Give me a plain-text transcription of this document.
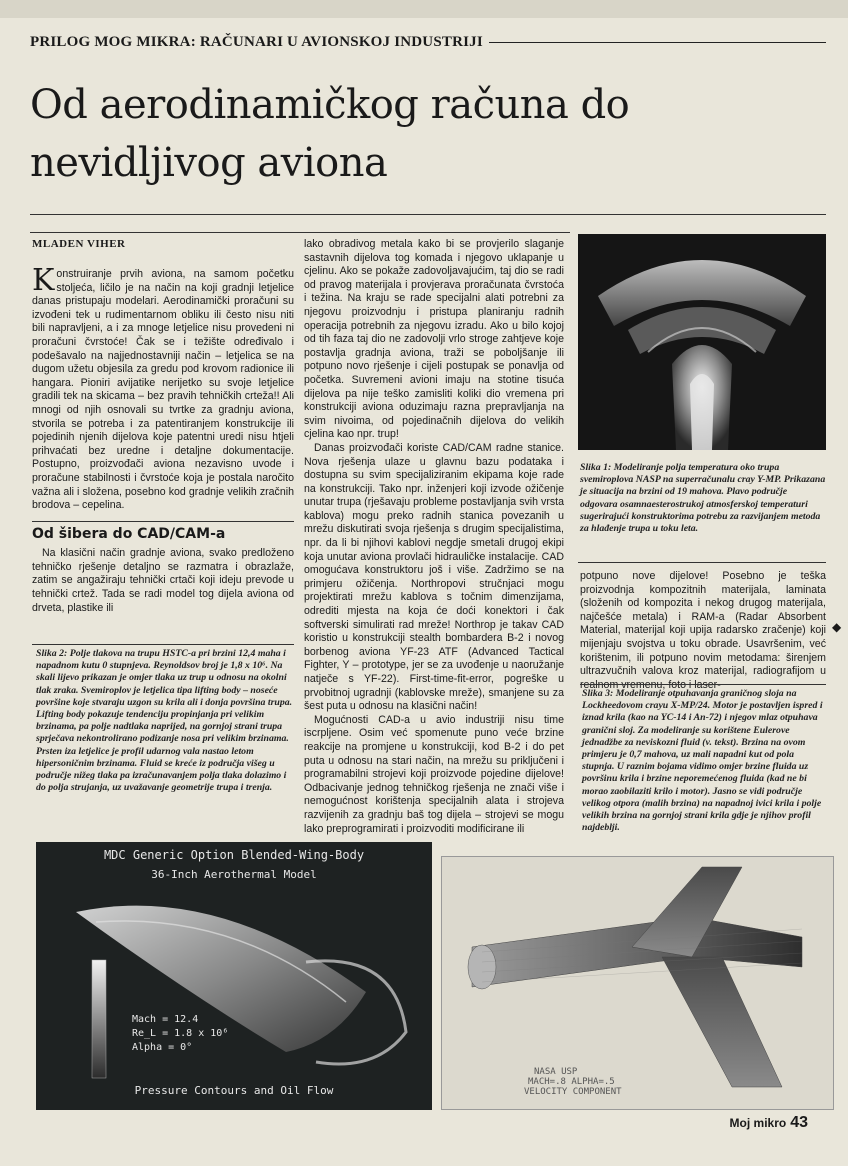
PRILOG MOG MIKRA: RAČUNARI U AVIONSKOJ INDUSTRIJI
Od aerodinamičkog računa do nevidljivog aviona
MLADEN VIHER

Konstruiranje prvih aviona, na samom početku stoljeća, ličilo je na način na koji gradnji letjelice danas pristupaju modelari. Aerodinamički proračuni su izvođeni tek u rudimentarnom obliku ili često nisu niti bili napravljeni, a i za mnoge letjelice nisu provedeni ni proračuni čvrstoće! Čak se i težište određivalo i podešavalo na najjednostavniji način – letjelica se na dugom užetu objesila za gredu pod krovom radionice ili hangara. Pioniri avijatike nerijetko su svoje letjelice gradili tek na skicama – bez pravih tehničkih crteža!! Ali mnogi od njih osnovali su tvrtke za gradnju aviona, stvorila se potreba i za patentiranjem konstrukcije ili pojedinih njenih dijelova koje patentni uredi nisu htjeli prihvaćati bez uredne i detaljne dokumentacije. Postupno, proizvođači aviona nezavisno uvode i proračune stabilnosti i čvrstoće koja je postala naročito važna ali i složena, posebno kod gradnje velikih zračnih brodova – cepelina.

Od šibera do CAD/CAM-a

Na klasični način gradnje aviona, svako predloženo tehničko rješenje detaljno se razmatra i obrazlaže, zatim se angažiraju tehnički crtači koji ideju prevode u tehnički crtež. Tada se radi model tog dijela aviona od drveta, plastike ili

Slika 2: Polje tlakova na trupu HSTC-a pri brzini 12,4 maha i napadnom kutu 0 stupnjeva. Reynoldsov broj je 1,8 x 10⁶. Na skali lijevo prikazan je omjer tlaka uz trup u odnosu na okolni tlak zraka. Svemiroplov je letjelica tipa lifting body – noseće površine koje stvaraju uzgon su krila ali i donja površina trupa. Lifting body pokazuje tendenciju propinjanja pri velikim brzinama, pa polje nadtlaka naprijed, na gornjoj strani trupa sprječava nekontrolirano podizanje nosa pri velikim brzinama. Prsten iza letjelice je profil udarnog vala nastao letom hipersoničnim brzinama. Fluid se kreće iz područja višeg u područje nižeg tlaka pa izračunavanjem polja tlaka dolazimo i do polja strujanja, uz uvažavanje geometrije trupa i trenja.

lako obradivog metala kako bi se provjerilo slaganje sastavnih dijelova tog komada i njegovo uklapanje u cjelinu. Ako se pokaže zadovoljavajućim, taj dio se radi od pravog materijala i provjerava proračunata čvrstoća i težina. Na kraju se rade specijalni alati potrebni za njegovu proizvodnju i pristupa planiranju radnih operacija potrebnih za njegovu izradu. Ako u bilo kojoj od tih faza taj dio ne zadovolji vrlo stroge zahtjeve koje postavlja gradnja aviona, traži se poboljšanje ili potpuno novo rješenje i cijeli postupak se ponavlja od početka. Suvremeni avioni imaju na stotine tisuća dijelova pa nije teško zamisliti koliki dio vremena pri konstrukciji aviona oduzimaju razna prepravljanja na svim nivoima, od pojedinačnih dijelova do velikih cjelina kao npr. trup!

Danas proizvođači koriste CAD/CAM radne stanice. Nova rješenja ulaze u glavnu bazu podataka i dostupna su svim specijaliziranim ekipama koje rade na konstrukciji. Tako npr. inženjeri koji izvode ožičenje unutar trupa (rješavaju probleme postavljanja svih vrsta kablova) mogu preko radnih stanica povezanih u mrežu diskutirati svoja rješenja s drugim specijalistima, npr. da li bi njihovi kablovi negdje smetali drugoj ekipi koja unutar aviona provlači hidrauličke instalacije. CAD omogućava konstruktoru još i više. Zadržimo se na primjeru ožičenja. Northropovi stručnjaci mogu projektirati mrežu kablova s točnim dimenzijama, odrediti mjesta na koja će doći konektori i čak softverski simulirati rad mreže! Northrop je takav CAD koristio u konstrukciji stealth bombardera B-2 i novog borbenog aviona YF-23 ATF (Advanced Tactical Fighter, Y – prototype, jer se za uvođenje u naoružanje natječe s YF-22). First-time-fit-error, pogreške u prvobitnoj ugradnji (kablovske mreže), smanjene su za šest puta u odnosu na klasični način!

Mogućnosti CAD-a u avio industriji nisu time iscrpljene. Osim već spomenute puno veće brzine reakcije na promjene u konstrukciji, kod B-2 i do pet puta u odnosu na stari način, na mrežu su priključeni i programabilni strojevi koji proizvode pojedine dijelove! Odbacivanje jednog tehničkog rješenja ne znači više i nemogućnost korištenja specijalnih alata i strojeva razvijenih za gradnju baš tog dijela – strojevi se mogu lako preprogramirati i proizvoditi modificirane ili

Slika 1: Modeliranje polja temperatura oko trupa svemiroplova NASP na superračunalu cray Y-MP. Prikazana je situacija na brzini od 19 mahova. Plavo područje odgovara osamnaesterostrukoj atmosferskoj temperaturi sugerirajući konstruktorima potrebu za razvijanjem metoda za hlađenje trupa u toku leta.

potpuno nove dijelove! Posebno je teška proizvodnja kompozitnih materijala, laminata (složenih od kompozita i nekog drugog materijala, najčešće metala) i RAM-a (Radar Absorbent Material, materijal koji upija radarsko zračenje) koji mijenjaju svojstva u toku obrade. Usavršenim, već korištenim, ili potpuno novim metodama: širenjem ultrazvučnih valova kroz materijal, radiografijom u realnom vremenu, foto i laser-

◆
Slika 3: Modeliranje otpuhavanja graničnog sloja na Lockheedovom crayu X-MP/24. Motor je postavljen ispred i iznad krila (kao na YC-14 i An-72) i njegov mlaz otpuhava granični sloj. Za modeliranje su korištene Eulerove jednadžbe za neviskozni fluid (v. tekst). Brzina na ovom primjeru je 0,7 mahova, uz mali napadni kut od pola stupnja. U raznim bojama vidimo omjer brzine fluida uz površinu krila i brzine neporemećenog fluida (kad ne bi morao zaobilaziti krilo i motor). Jasno se vidi područje velikog otpora (malih brzina) na napadnoj ivici krila i polje velikih brzina na gornjoj strani krila gdje je njihov profil najdeblji.
MDC Generic Option Blended-Wing-Body
36-Inch Aerothermal Model
Mach = 12.4
Re_L = 1.8 x 10⁶
Alpha = 0°
Pressure Contours and Oil Flow
NASA USP
MACH=.8 ALPHA=.5
VELOCITY COMPONENT
Moj mikro 43
